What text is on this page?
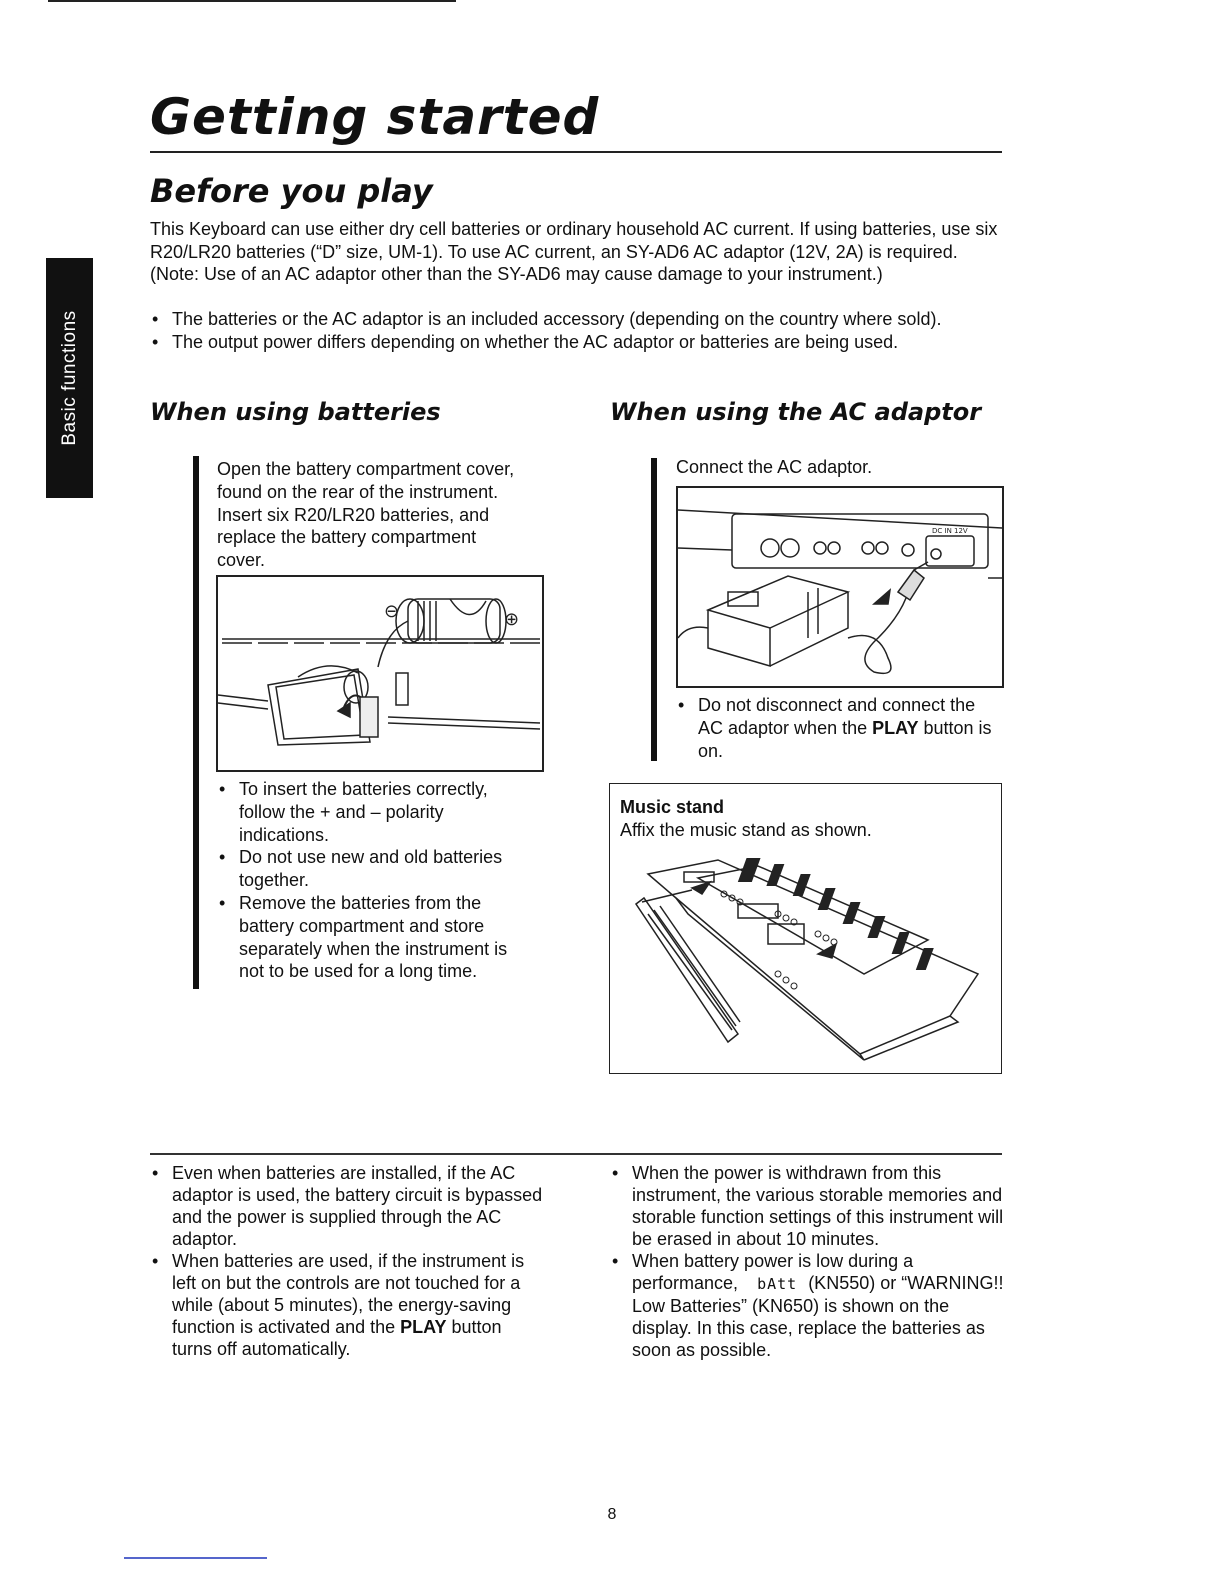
Basic functions
Getting started
Before you play

This Keyboard can use either dry cell batteries or ordinary household AC current. If using batteries, use six R20/LR20 batteries (“D” size, UM-1). To use AC current, an SY-AD6 AC adaptor (12V, 2A) is required. (Note: Use of an AC adaptor other than the SY-AD6 may cause damage to your instrument.)

• The batteries or the AC adaptor is an included accessory (depending on the country where sold).
• The output power differs depending on whether the AC adaptor or batteries are being used.
When using batteries

Open the battery compartment cover, found on the rear of the instrument. Insert six R20/LR20 batteries, and replace the battery compartment cover.

⊖	⊕
• To insert the batteries correctly, follow the + and – polarity indications.
• Do not use new and old batteries together.
• Remove the batteries from the battery compartment and store separately when the instrument is not to be used for a long time.
When using the AC adaptor

Connect the AC adaptor.

DC IN 12V
• Do not disconnect and connect the AC adaptor when the PLAY button is on.
Music stand
Affix the music stand as shown.
• Even when batteries are installed, if the AC adaptor is used, the battery circuit is bypassed and the power is supplied through the AC adaptor.
• When batteries are used, if the instrument is left on but the controls are not touched for a while (about 5 minutes), the energy-saving function is activated and the PLAY button turns off automatically.
• When the power is withdrawn from this instrument, the various storable memories and storable function settings of this instrument will be erased in about 10 minutes.
• When battery power is low during a performance, bAtt (KN550) or “WARNING!! Low Batteries” (KN650) is shown on the display. In this case, replace the batteries as soon as possible.
8
